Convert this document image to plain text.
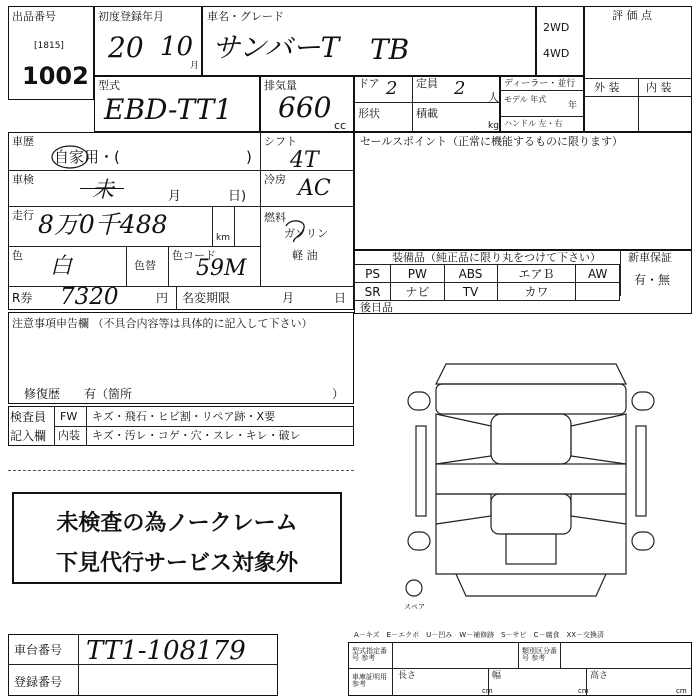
出品番号
[1815]
1002
初度登録年月
20 10
月
車名・グレード
サンバーT TB
2WD
4WD
評 価 点
外 装 内 装
型式
EBD-TT1
排気量
660
cc
ドア 2 定員 2 人
形状	積載
kg
ディーラー・並行
モデル 年式
年
ハンドル 左・右
車歴
自家用・(	)
車検	未	月	日)
走行 8万0千488	km
色 白	色替
色コード
59M
R券 7320	円 名変期限	月	日
シフト
4T
冷房 AC
燃料
ガソリン
軽 油
セールスポイント（正常に機能するものに限ります）
装備品（純正品に限り丸をつけて下さい） 新車保証
有・無
PS	PW	ABS	エアＢ	AW
SR	ナビ	TV	カワ	
後日品
注意事項申告欄 （不具合内容等は具体的に記入して下さい）
修復歴　　有（箇所	）
検査員
記入欄
FW キズ・飛石・ヒビ割・リペア跡・X要
内装 キズ・汚レ・コゲ・穴・スレ・キレ・破レ
未検査の為ノークレーム
下見代行サービス対象外
スペア
A－キズ　E－エクボ　U－凹み　W－補修跡　S－サビ　C－腐食　XX－交換済
車台番号 TT1-108179
登録番号
型式指定番号 参考
類別区分番号 参考
車庫証明用 参考
長さ
cm
幅
cm
高さ
cm
